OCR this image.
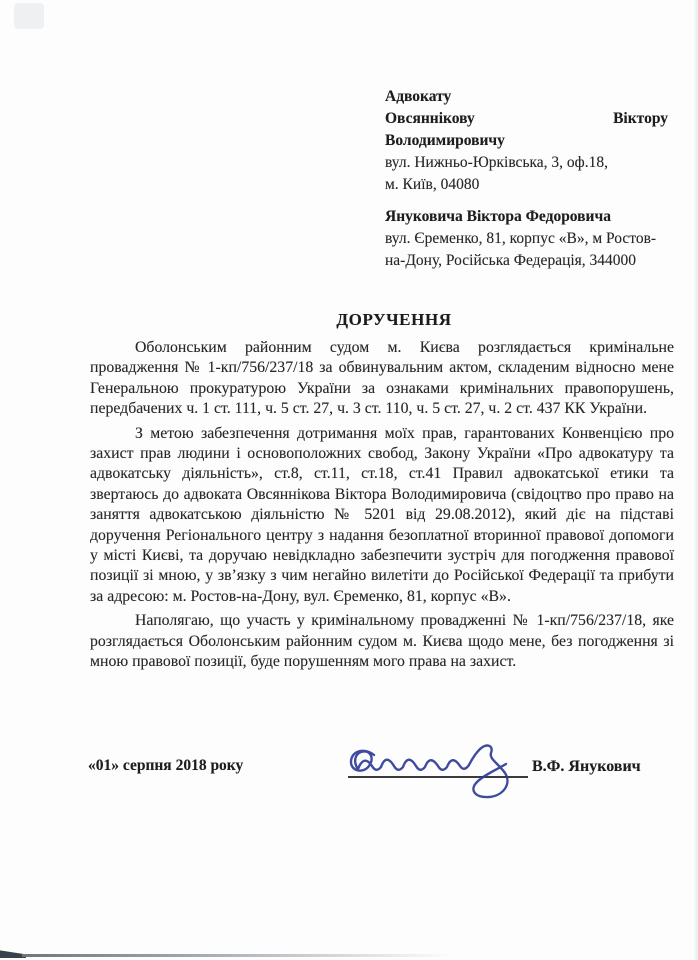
Адвокату
Овсяннікову	Віктору
Володимировичу
вул. Нижньо-Юрківська, 3, оф.18,
м. Київ, 04080
Януковича Віктора Федоровича
вул. Єременко, 81, корпус «В», м Ростов-
на-Дону, Російська Федерація, 344000
ДОРУЧЕННЯ

Оболонським районним судом м. Києва розглядається кримінальне провадження № 1-кп/756/237/18 за обвинувальним актом, складеним відносно мене Генеральною прокуратурою України за ознаками кримінальних правопорушень, передбачених ч. 1 ст. 111, ч. 5 ст. 27, ч. 3 ст. 110, ч. 5 ст. 27, ч. 2 ст. 437 КК України.

З метою забезпечення дотримання моїх прав, гарантованих Конвенцією про захист прав людини і основоположних свобод, Закону України «Про адвокатуру та адвокатську діяльність», ст.8, ст.11, ст.18, ст.41 Правил адвокатської етики та звертаюсь до адвоката Овсяннікова Віктора Володимировича (свідоцтво про право на заняття адвокатською діяльністю № 5201 від 29.08.2012), який діє на підставі доручення Регіонального центру з надання безоплатної вторинної правової допомоги у місті Києві, та доручаю невідкладно забезпечити зустріч для погодження правової позиції зі мною, у зв’язку з чим негайно вилетіти до Російської Федерації та прибути за адресою: м. Ростов-на-Дону, вул. Єременко, 81, корпус «В».

Наполягаю, що участь у кримінальному провадженні № 1-кп/756/237/18, яке розглядається Оболонським районним судом м. Києва щодо мене, без погодження зі мною правової позиції, буде порушенням мого права на захист.

«01» серпня 2018 року	В.Ф. Янукович
